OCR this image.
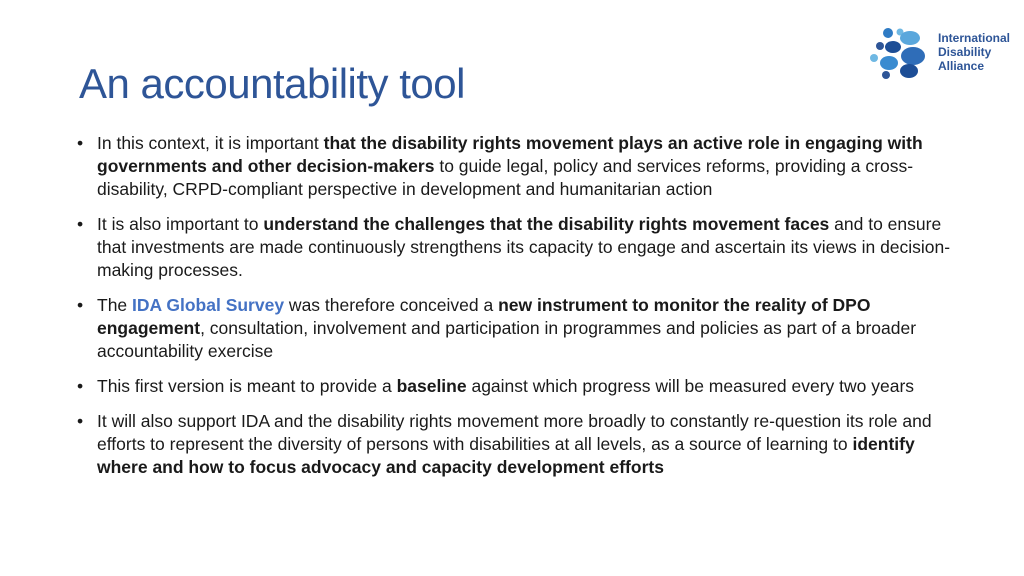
An accountability tool
International
Disability
Alliance
• In this context, it is important that the disability rights movement plays an active role in engaging with governments and other decision-makers to guide legal, policy and services reforms, providing a cross-disability, CRPD-compliant perspective in development and humanitarian action
• It is also important to understand the challenges that the disability rights movement faces and to ensure that investments are made continuously strengthens its capacity to engage and ascertain its views in decision-making processes.
• The IDA Global Survey was therefore conceived a new instrument to monitor the reality of DPO engagement, consultation, involvement and participation in programmes and policies as part of a broader accountability exercise
• This first version is meant to provide a baseline against which progress will be measured every two years
• It will also support IDA and the disability rights movement more broadly to constantly re-question its role and efforts to represent the diversity of persons with disabilities at all levels, as a source of learning to identify where and how to focus advocacy and capacity development efforts
